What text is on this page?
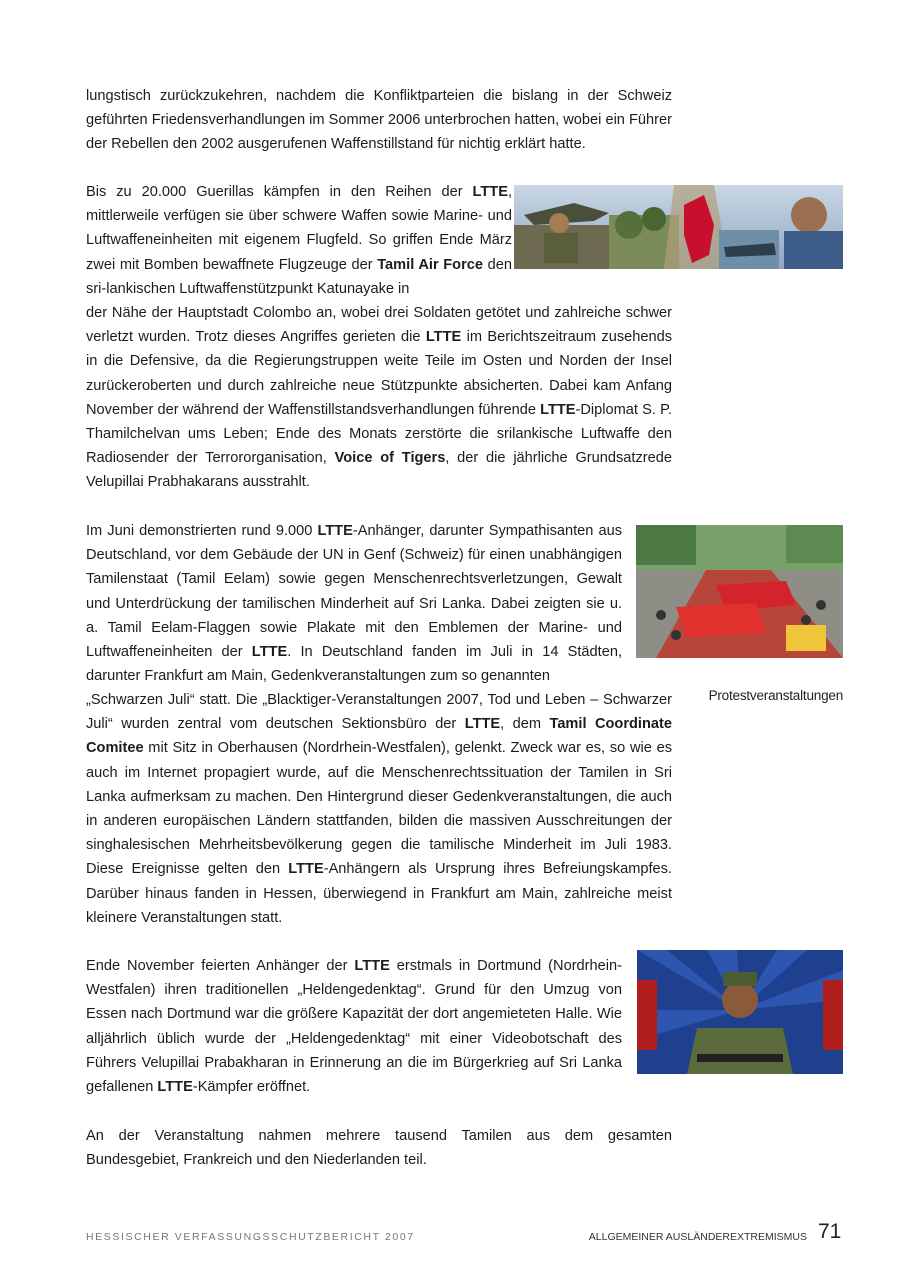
lungstisch zurückzukehren, nachdem die Konfliktparteien die bislang in der Schweiz geführten Friedensverhandlungen im Sommer 2006 unterbrochen hatten, wobei ein Führer der Rebellen den 2002 ausgerufenen Waffenstillstand für nichtig erklärt hatte.

Bis zu 20.000 Guerillas kämpfen in den Reihen der LTTE, mittlerweile verfügen sie über schwere Waffen sowie Marine- und Luftwaffeneinheiten mit eigenem Flugfeld. So griffen Ende März zwei mit Bomben bewaffnete Flugzeuge der Tamil Air Force den sri-lankischen Luftwaffenstützpunkt Katunayake in

der Nähe der Hauptstadt Colombo an, wobei drei Soldaten getötet und zahlreiche schwer verletzt wurden. Trotz dieses Angriffes gerieten die LTTE im Berichtszeitraum zusehends in die Defensive, da die Regierungstruppen weite Teile im Osten und Norden der Insel zurückeroberten und durch zahlreiche neue Stützpunkte absicherten. Dabei kam Anfang November der während der Waffenstillstandsverhandlungen führende LTTE-Diplomat S. P. Thamilchelvan ums Leben; Ende des Monats zerstörte die srilankische Luftwaffe den Radiosender der Terrororganisation, Voice of Tigers, der die jährliche Grundsatzrede Velupillai Prabhakarans ausstrahlt.

Im Juni demonstrierten rund 9.000 LTTE-Anhänger, darunter Sympathisanten aus Deutschland, vor dem Gebäude der UN in Genf (Schweiz) für einen unabhängigen Tamilenstaat (Tamil Eelam) sowie gegen Menschenrechtsverletzungen, Gewalt und Unterdrückung der tamilischen Minderheit auf Sri Lanka. Dabei zeigten sie u. a. Tamil Eelam-Flaggen sowie Plakate mit den Emblemen der Marine- und Luftwaffeneinheiten der LTTE. In Deutschland fanden im Juli in 14 Städten, darunter Frankfurt am Main, Gedenkveranstaltungen zum so genannten

„Schwarzen Juli“ statt. Die „Blacktiger-Veranstaltungen 2007, Tod und Leben – Schwarzer Juli“ wurden zentral vom deutschen Sektionsbüro der LTTE, dem Tamil Coordinate Comitee mit Sitz in Oberhausen (Nordrhein-Westfalen), gelenkt. Zweck war es, so wie es auch im Internet propagiert wurde, auf die Menschenrechtssituation der Tamilen in Sri Lanka aufmerksam zu machen. Den Hintergrund dieser Gedenkveranstaltungen, die auch in anderen europäischen Ländern stattfanden, bilden die massiven Ausschreitungen der singhalesischen Mehrheitsbevölkerung gegen die tamilische Minderheit im Juli 1983. Diese Ereignisse gelten den LTTE-Anhängern als Ursprung ihres Befreiungskampfes. Darüber hinaus fanden in Hessen, überwiegend in Frankfurt am Main, zahlreiche meist kleinere Veranstaltungen statt.

Protestveranstaltungen

Ende November feierten Anhänger der LTTE erstmals in Dortmund (Nordrhein-Westfalen) ihren traditionellen „Heldengedenktag“. Grund für den Umzug von Essen nach Dortmund war die größere Kapazität der dort angemieteten Halle. Wie alljährlich üblich wurde der „Heldengedenktag“ mit einer Videobotschaft des Führers Velupillai Prabakharan in Erinnerung an die im Bürgerkrieg auf Sri Lanka gefallenen LTTE-Kämpfer eröffnet.

An der Veranstaltung nahmen mehrere tausend Tamilen aus dem gesamten Bundesgebiet, Frankreich und den Niederlanden teil.

HESSISCHER VERFASSUNGSSCHUTZBERICHT 2007	ALLGEMEINER AUSLÄNDEREXTREMISMUS 71
